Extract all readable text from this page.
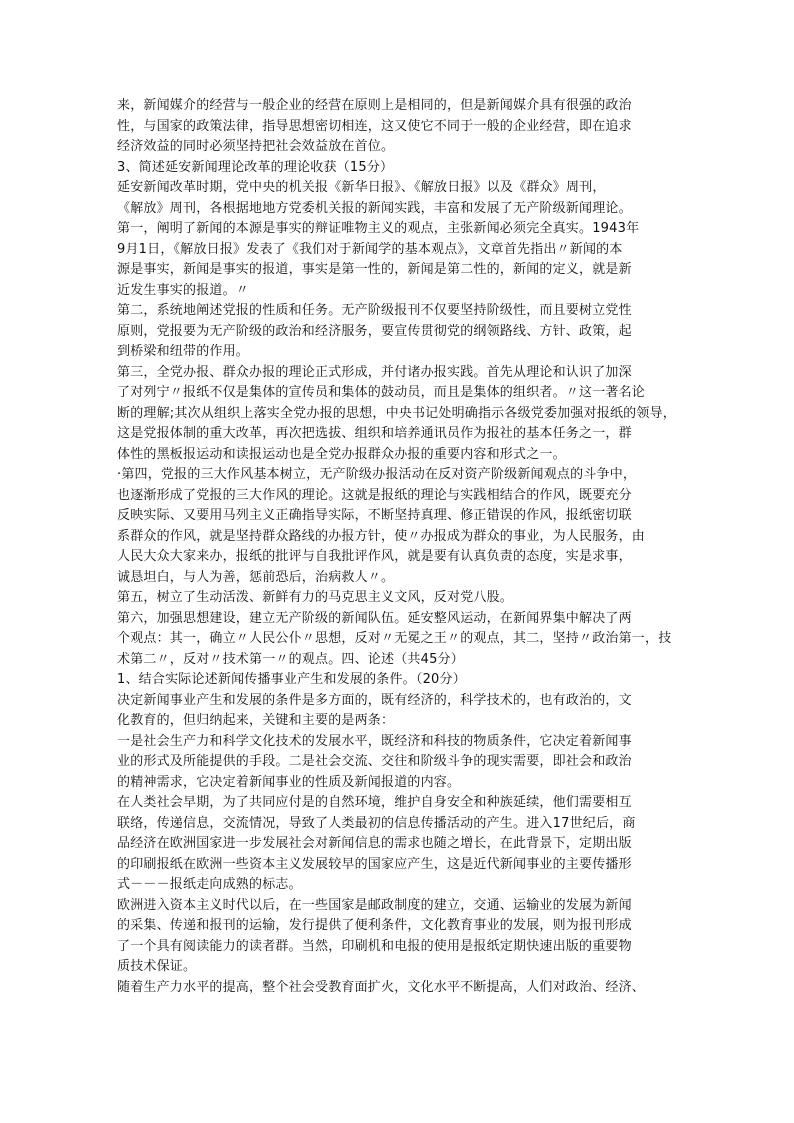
来，新闻媒介的经营与一般企业的经营在原则上是相同的，但是新闻媒介具有很强的政治
性，与国家的政策法律，指导思想密切相连，这又使它不同于一般的企业经营，即在追求
经济效益的同时必须坚持把社会效益放在首位。
3、简述延安新闻理论改革的理论收获（15分）
延安新闻改革时期，党中央的机关报《新华日报》、《解放日报》以及《群众》周刊，
《解放》周刊，各根据地地方党委机关报的新闻实践，丰富和发展了无产阶级新闻理论。
第一，阐明了新闻的本源是事实的辩证唯物主义的观点，主张新闻必须完全真实。1943年
9月1日，《解放日报》发表了《我们对于新闻学的基本观点》，文章首先指出〃新闻的本
源是事实，新闻是事实的报道，事实是第一性的，新闻是第二性的，新闻的定义，就是新
近发生事实的报道。〃
第二，系统地阐述党报的性质和任务。无产阶级报刊不仅要坚持阶级性，而且要树立党性
原则，党报要为无产阶级的政治和经济服务，要宣传贯彻党的纲领路线、方针、政策，起
到桥梁和纽带的作用。
第三，全党办报、群众办报的理论正式形成，并付诸办报实践。首先从理论和认识了加深
了对列宁〃报纸不仅是集体的宣传员和集体的鼓动员，而且是集体的组织者。〃这一著名论
断的理解;其次从组织上落实全党办报的思想，中央书记处明确指示各级党委加强对报纸的领导，
这是党报体制的重大改革，再次把选拔、组织和培养通讯员作为报社的基本任务之一，群
体性的黑板报运动和读报运动也是全党办报群众办报的重要内容和形式之一。
·第四，党报的三大作风基本树立，无产阶级办报活动在反对资产阶级新闻观点的斗争中，
也逐渐形成了党报的三大作风的理论。这就是报纸的理论与实践相结合的作风，既要充分
反映实际、又要用马列主义正确指导实际，不断坚持真理、修正错误的作风，报纸密切联
系群众的作风，就是坚持群众路线的办报方针，使〃办报成为群众的事业，为人民服务，由
人民大众大家来办，报纸的批评与自我批评作风，就是要有认真负责的态度，实是求事，
诚恳坦白，与人为善，惩前恐后，治病救人〃。
第五，树立了生动活泼、新鲜有力的马克思主义文风，反对党八股。
第六，加强思想建设，建立无产阶级的新闻队伍。延安整风运动，在新闻界集中解决了两
个观点：其一，确立〃人民公仆〃思想，反对〃无冕之王〃的观点，其二，坚持〃政治第一，技
术第二〃，反对〃技术第一〃的观点。四、论述（共45分）
1、结合实际论述新闻传播事业产生和发展的条件。（20分）
决定新闻事业产生和发展的条件是多方面的，既有经济的，科学技术的，也有政治的，文
化教育的，但归纳起来，关键和主要的是两条：
一是社会生产力和科学文化技术的发展水平，既经济和科技的物质条件，它决定着新闻事
业的形式及所能提供的手段。二是社会交流、交往和阶级斗争的现实需要，即社会和政治
的精神需求，它决定着新闻事业的性质及新闻报道的内容。
在人类社会早期，为了共同应付是的自然环境，维护自身安全和种族延续，他们需要相互
联络，传递信息，交流情况，导致了人类最初的信息传播活动的产生。进入17世纪后，商
品经济在欧洲国家进一步发展社会对新闻信息的需求也随之增长，在此背景下，定期出版
的印刷报纸在欧洲一些资本主义发展较早的国家应产生，这是近代新闻事业的主要传播形
式－－－报纸走向成熟的标志。
欧洲进入资本主义时代以后，在一些国家是邮政制度的建立，交通、运输业的发展为新闻
的采集、传递和报刊的运输，发行提供了便利条件，文化教育事业的发展，则为报刊形成
了一个具有阅读能力的读者群。当然，印刷机和电报的使用是报纸定期快速出版的重要物
质技术保证。
随着生产力水平的提高，整个社会受教育面扩火，文化水平不断提高，人们对政治、经济、
